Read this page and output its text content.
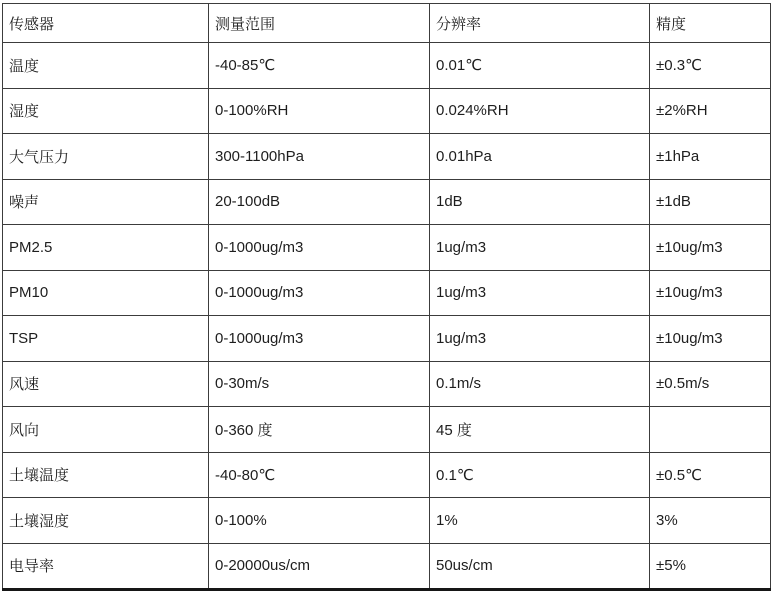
传感器	测量范围	分辨率	精度
温度	-40-85℃	0.01℃	±0.3℃
湿度	0-100%RH	0.024%RH	±2%RH
大气压力	300-1100hPa	0.01hPa	±1hPa
噪声	20-100dB	1dB	±1dB
PM2.5	0-1000ug/m3	1ug/m3	±10ug/m3
PM10	0-1000ug/m3	1ug/m3	±10ug/m3
TSP	0-1000ug/m3	1ug/m3	±10ug/m3
风速	0-30m/s	0.1m/s	±0.5m/s
风向	0-360 度	45 度	
土壤温度	-40-80℃	0.1℃	±0.5℃
土壤湿度	0-100%	1%	3%
电导率	0-20000us/cm	50us/cm	±5%
